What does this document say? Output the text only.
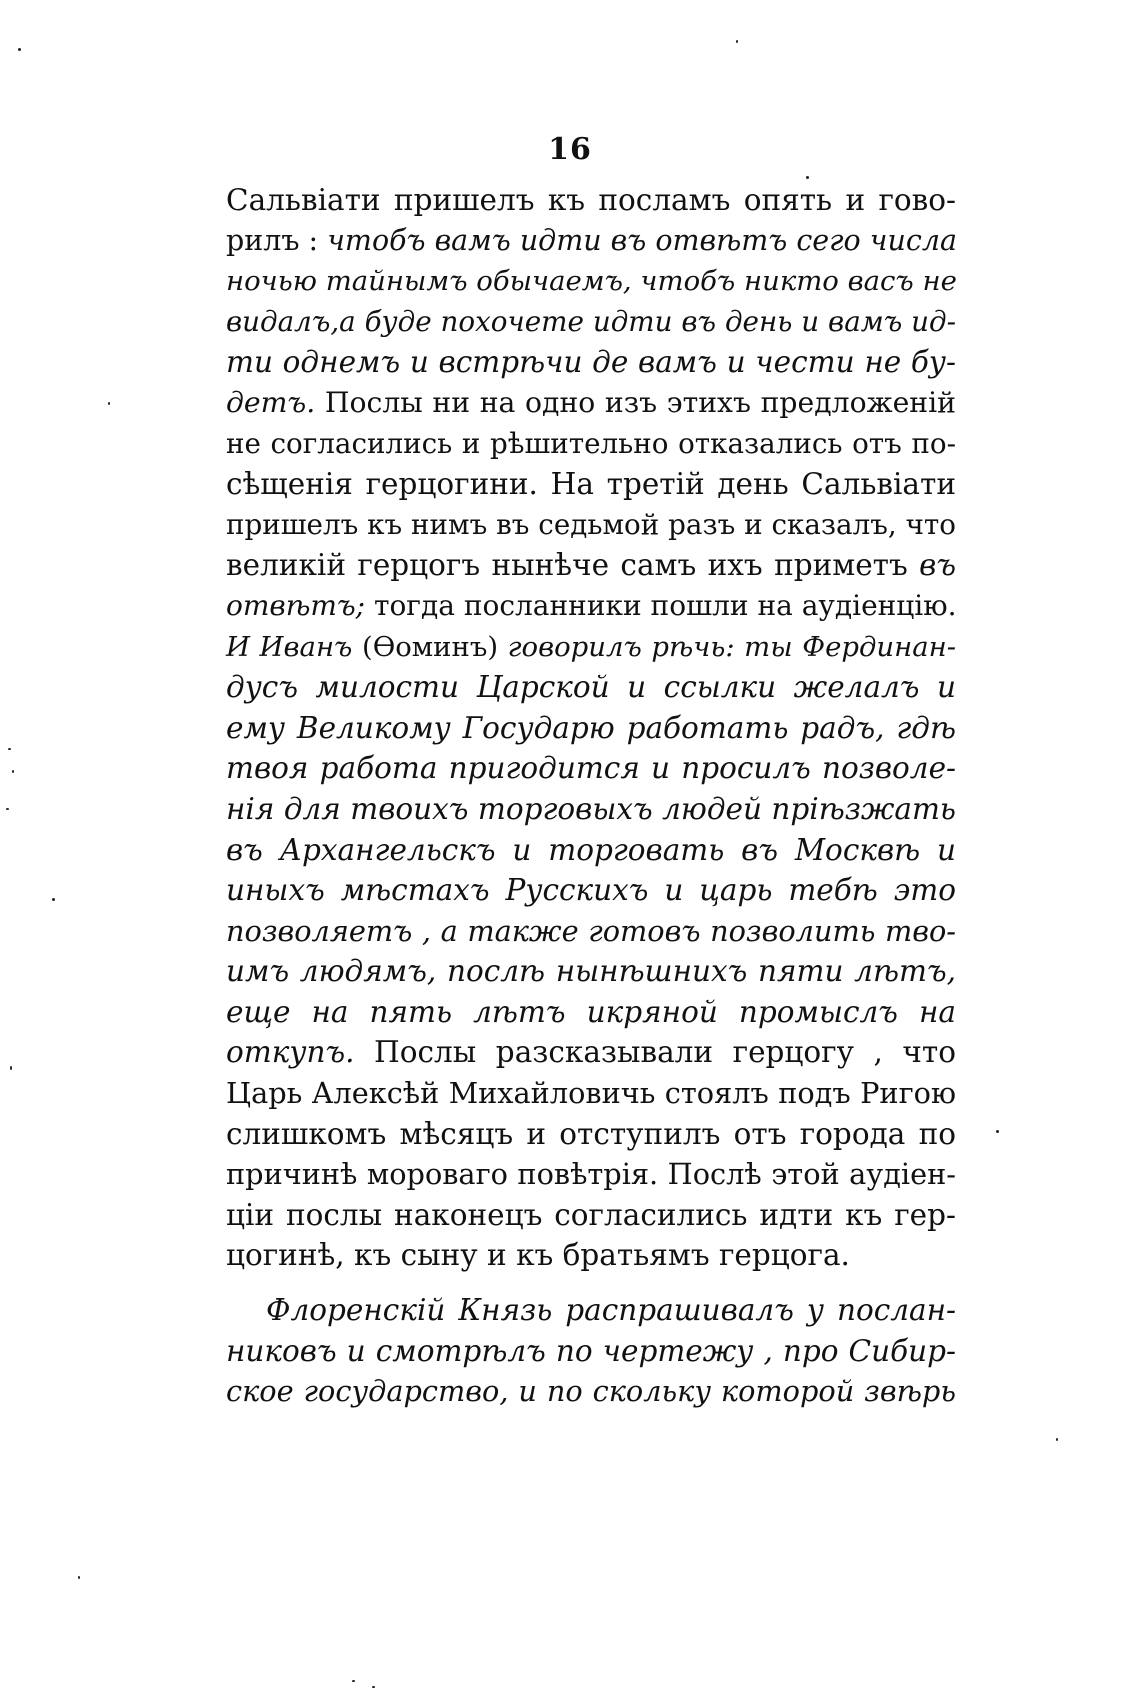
16
Сальвіати пришелъ къ посламъ опять и гово-
рилъ : чтобъ вамъ идти въ отвѣтъ сего числа
ночью тайнымъ обычаемъ, чтобъ никто васъ не
видалъ,а буде похочете идти въ день и вамъ ид-
ти однемъ и встрѣчи де вамъ и чести не бу-
детъ. Послы ни на одно изъ этихъ предложеній
не согласились и рѣшительно отказались отъ по-
сѣщенія герцогини. На третій день Сальвіати
пришелъ къ нимъ въ седьмой разъ и сказалъ, что
великій герцогъ нынѣче самъ ихъ приметъ въ
отвѣтъ; тогда посланники пошли на аудіенцію.
И Иванъ (Ѳоминъ) говорилъ рѣчь: ты Фердинан-
дусъ милости Царской и ссылки желалъ и
ему Великому Государю работать радъ, гдѣ
твоя работа пригодится и просилъ позволе-
нія для твоихъ торговыхъ людей пріѣзжать
въ Архангельскъ и торговать въ Москвѣ и
иныхъ мѣстахъ Русскихъ и царь тебѣ это
позволяетъ , а также готовъ позволить тво-
имъ людямъ, послѣ нынѣшнихъ пяти лѣтъ,
еще на пять лѣтъ икряной промыслъ на
откупъ. Послы разсказывали герцогу , что
Царь Алексѣй Михайловичь стоялъ подъ Ригою
слишкомъ мѣсяцъ и отступилъ отъ города по
причинѣ мороваго повѣтрія. Послѣ этой аудіен-
ціи послы наконецъ согласились идти къ гер-
цогинѣ, къ сыну и къ братьямъ герцога.
Флоренскій Князь распрашивалъ у послан-
никовъ и смотрѣлъ по чертежу , про Сибир-
ское государство, и по скольку которой звѣрь
